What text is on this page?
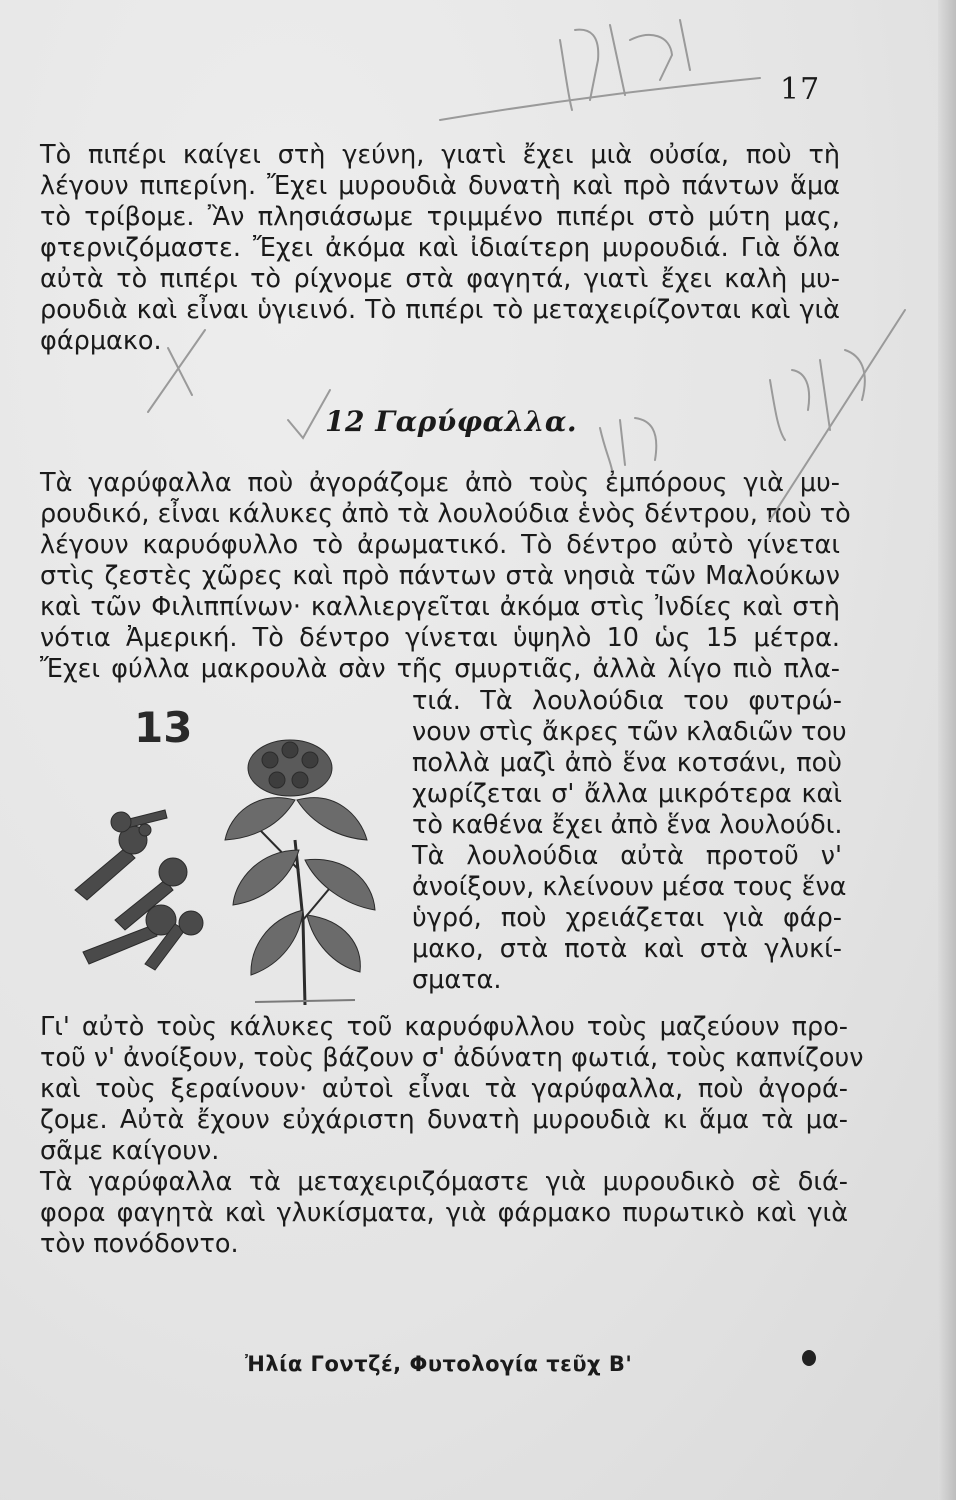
17

Τὸ πιπέρι καίγει στὴ γεύνη, γιατὶ ἔχει μιὰ οὐσία, ποὺ τὴ
λέγουν πιπερίνη. Ἔχει μυρουδιὰ δυνατὴ καὶ πρὸ πάντων ἅμα
τὸ τρίβομε. Ἂν πλησιάσωμε τριμμένο πιπέρι στὸ μύτη μας,
φτερνιζόμαστε. Ἔχει ἀκόμα καὶ ἰδιαίτερη μυρουδιά. Γιὰ ὅλα
αὐτὰ τὸ πιπέρι τὸ ρίχνομε στὰ φαγητά, γιατὶ ἔχει καλὴ μυ-
ρουδιὰ καὶ εἶναι ὑγιεινό. Τὸ πιπέρι τὸ μεταχειρίζονται καὶ γιὰ
φάρμακο.

12 Γαρύφαλλα.

Τὰ γαρύφαλλα ποὺ ἀγοράζομε ἀπὸ τοὺς ἐμπόρους γιὰ μυ-
ρουδικό, εἶναι κάλυκες ἀπὸ τὰ λουλούδια ἑνὸς δέντρου, ποὺ τὸ
λέγουν καρυόφυλλο τὸ ἀρωματικό. Τὸ δέντρο αὐτὸ γίνεται
στὶς ζεστὲς χῶρες καὶ πρὸ πάντων στὰ νησιὰ τῶν Μαλούκων
καὶ τῶν Φιλιππίνων· καλλιεργεῖται ἀκόμα στὶς Ἰνδίες καὶ στὴ
νότια Ἀμερική. Τὸ δέντρο γίνεται ὑψηλὸ 10 ὡς 15 μέτρα.
Ἔχει φύλλα μακρουλὰ σὰν τῆς σμυρτιᾶς, ἀλλὰ λίγο πιὸ πλα-

τιά. Τὰ λουλούδια του φυτρώ-
νουν στὶς ἄκρες τῶν κλαδιῶν του
πολλὰ μαζὶ ἀπὸ ἕνα κοτσάνι, ποὺ
χωρίζεται σ' ἄλλα μικρότερα καὶ
τὸ καθένα ἔχει ἀπὸ ἕνα λουλούδι.
Τὰ λουλούδια αὐτὰ προτοῦ ν'
ἀνοίξουν, κλείνουν μέσα τους ἕνα
ὑγρό, ποὺ χρειάζεται γιὰ φάρ-
μακο, στὰ ποτὰ καὶ στὰ γλυκί-
σματα.

13

Γι' αὐτὸ τοὺς κάλυκες τοῦ καρυόφυλλου τοὺς μαζεύουν προ-
τοῦ ν' ἀνοίξουν, τοὺς βάζουν σ' ἀδύνατη φωτιά, τοὺς καπνίζουν
καὶ τοὺς ξεραίνουν· αὐτοὶ εἶναι τὰ γαρύφαλλα, ποὺ ἀγορά-
ζομε. Αὐτὰ ἔχουν εὐχάριστη δυνατὴ μυρουδιὰ κι ἅμα τὰ μα-
σᾶμε καίγουν.
Τὰ γαρύφαλλα τὰ μεταχειριζόμαστε γιὰ μυρουδικὸ σὲ διά-
φορα φαγητὰ καὶ γλυκίσματα, γιὰ φάρμακο πυρωτικὸ καὶ γιὰ
τὸν πονόδοντο.

Ἠλία Γοντζέ, Φυτολογία τεῦχ Β'
